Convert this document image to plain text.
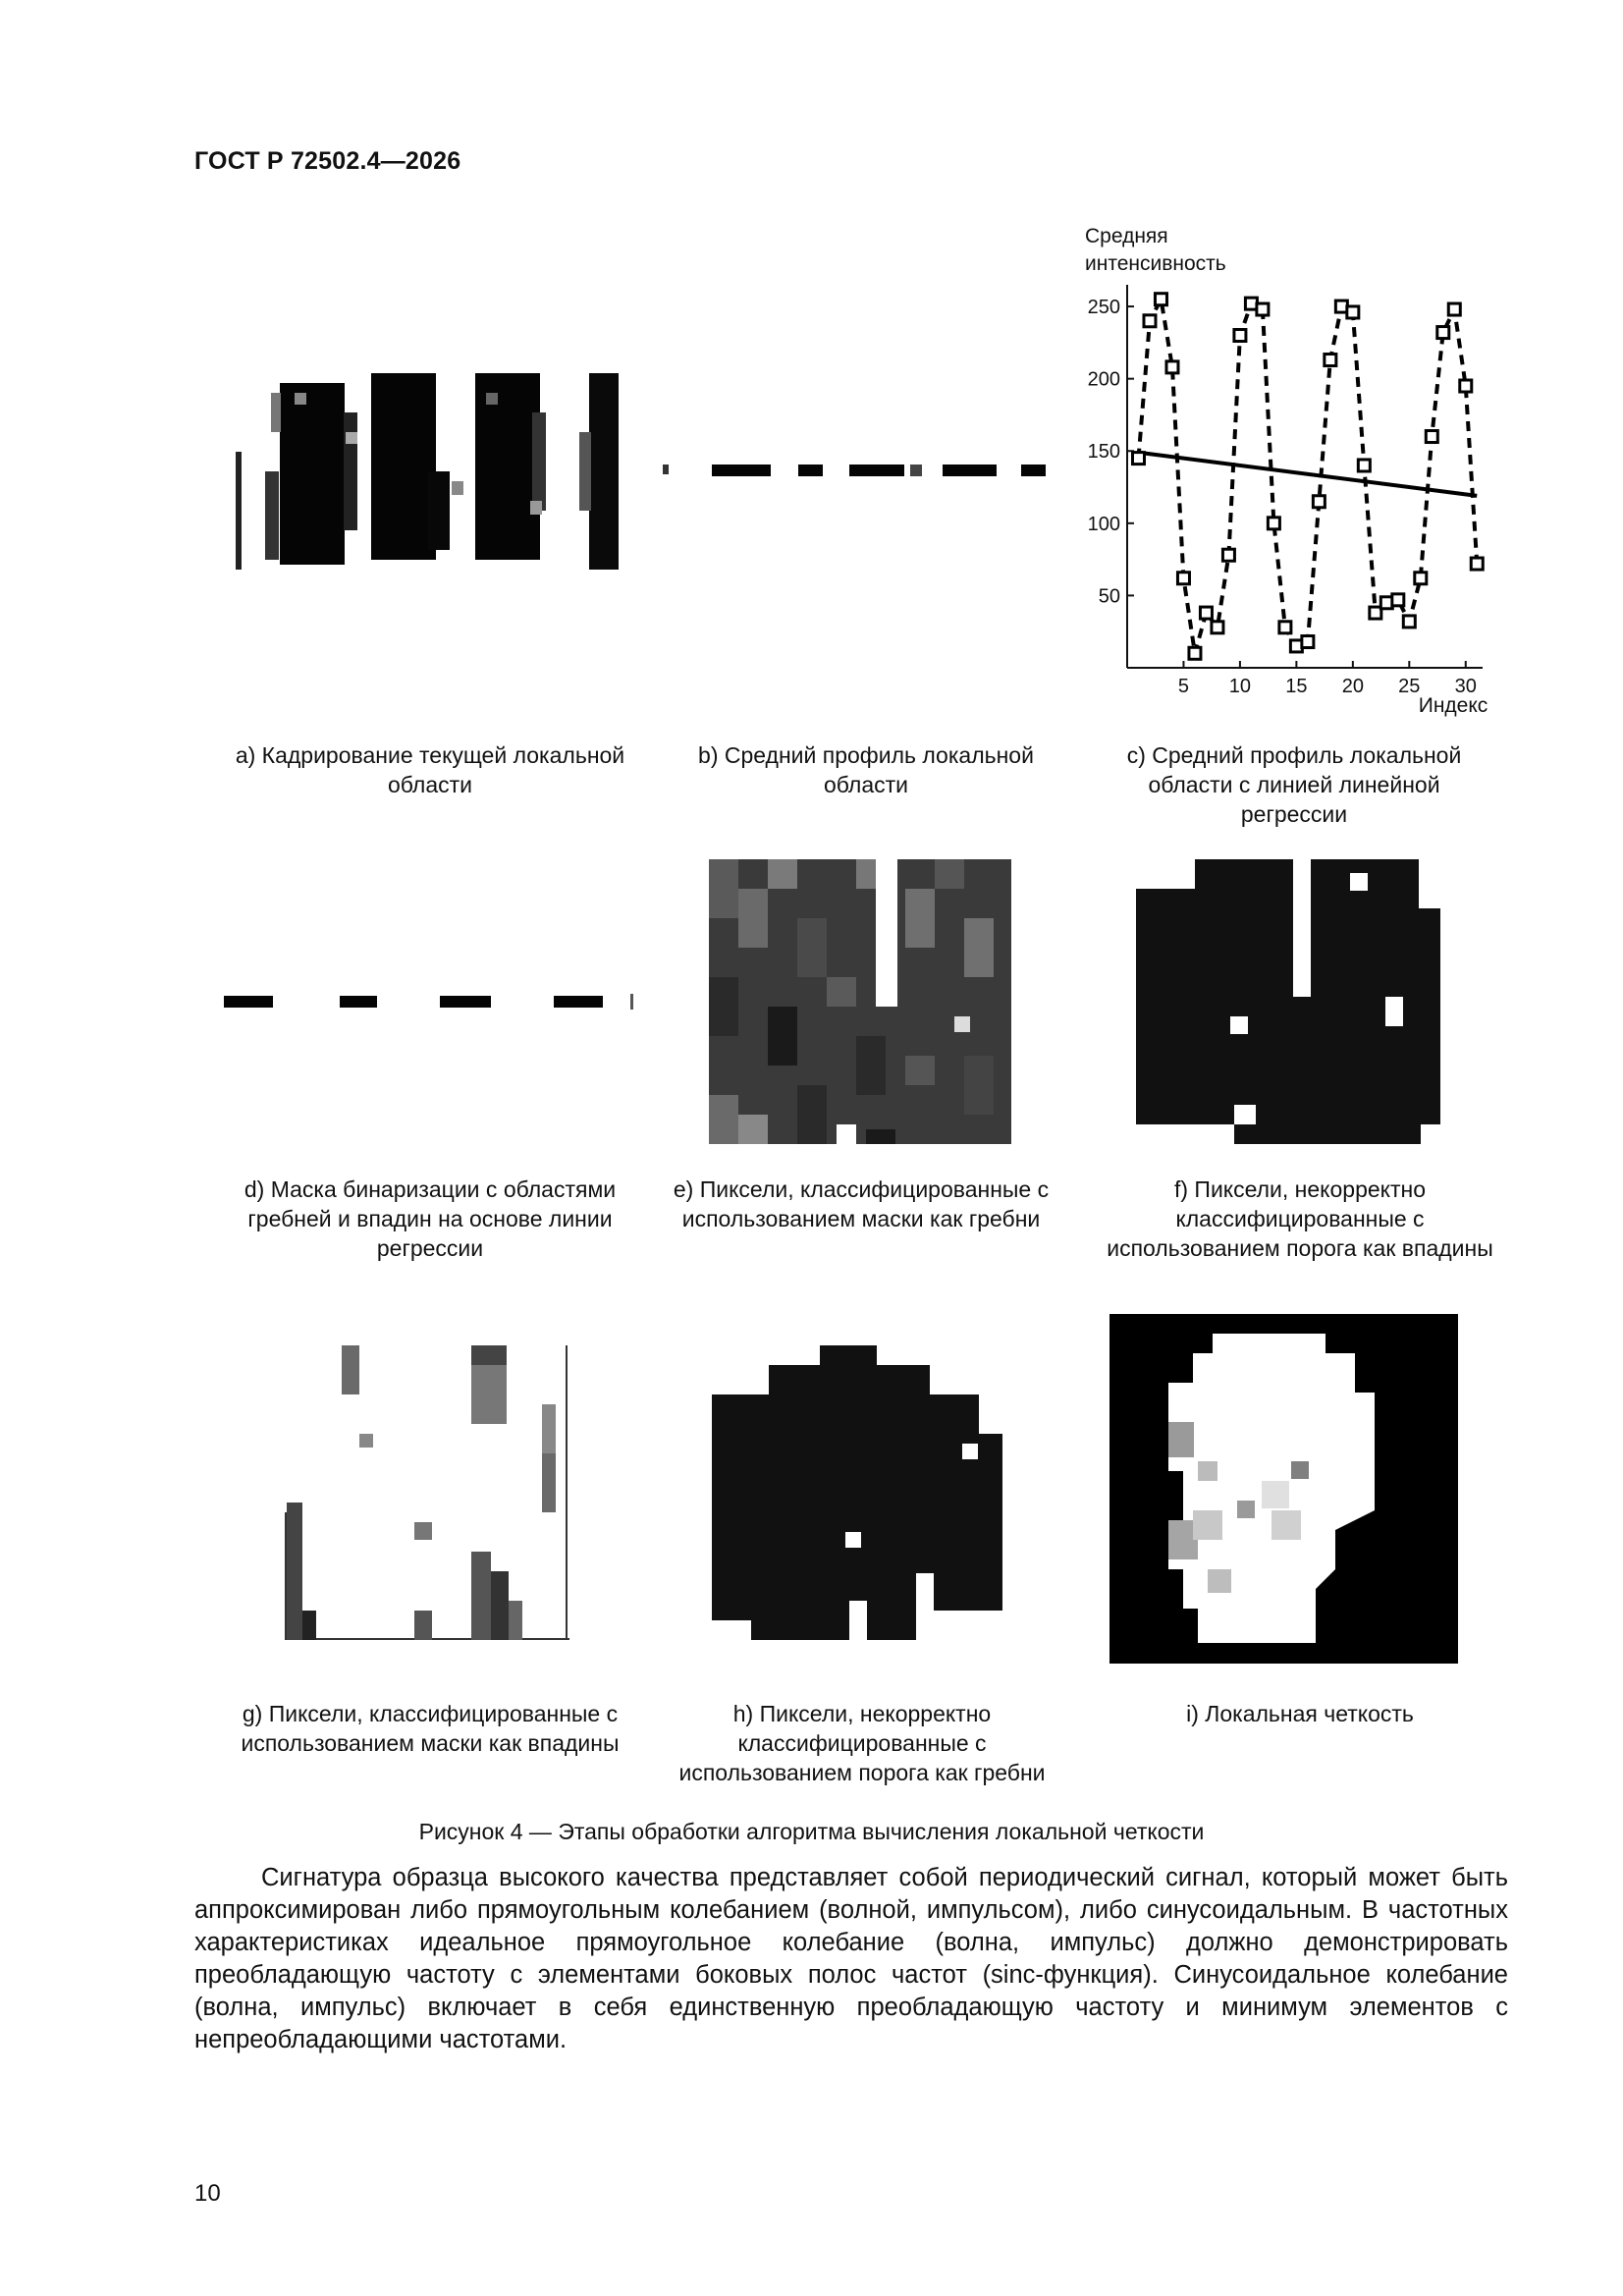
ГОСТ Р 72502.4—2026
Средняя
интенсивность
Индекс
5 10 15 20 25 30
50
100
150
200
250
a) Кадрирование текущей локальной области
b) Средний профиль локальной области
c) Средний профиль локальной области с линией линейной регрессии
d) Маска бинаризации с областями гребней и впадин на основе линии регрессии
e) Пиксели, классифицированные с использованием маски как гребни
f) Пиксели, некорректно классифицированные с использованием порога как впадины
g) Пиксели, классифицированные с использованием маски как впадины
h) Пиксели, некорректно классифицированные с использованием порога как гребни
i) Локальная четкость
Рисунок 4 — Этапы обработки алгоритма вычисления локальной четкости

Сигнатура образца высокого качества представляет собой периодический сигнал, который может быть аппроксимирован либо прямоугольным колебанием (волной, импульсом), либо синусоидальным. В частотных характеристиках идеальное прямоугольное колебание (волна, импульс) должно демонстрировать преобладающую частоту с элементами боковых полос частот (sinc-функция). Синусоидальное колебание (волна, импульс) включает в себя единственную преобладающую частоту и минимум элементов с непреобладающими частотами.

10
